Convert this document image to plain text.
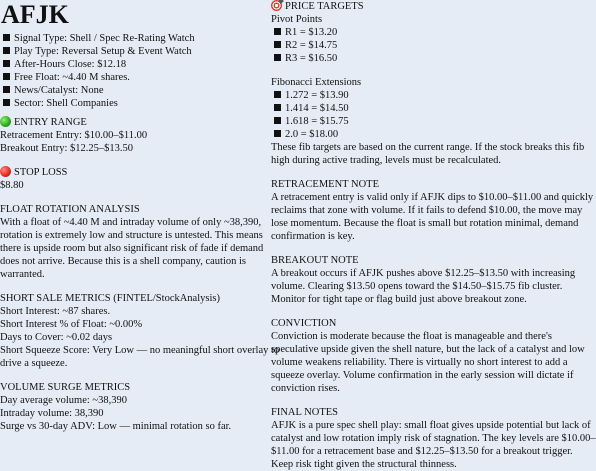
AFJK
Signal Type: Shell / Spec Re-Rating Watch
Play Type: Reversal Setup & Event Watch
After-Hours Close: $12.18
Free Float: ~4.40 M shares.
News/Catalyst: None
Sector: Shell Companies

ENTRY RANGE

Retracement Entry: $10.00–$11.00

Breakout Entry: $12.25–$13.50

STOP LOSS

$8.80

FLOAT ROTATION ANALYSIS

With a float of ~4.40 M and intraday volume of only ~38,390, rotation is extremely low and structure is untested. This means there is upside room but also significant risk of fade if demand does not arrive. Because this is a shell company, caution is warranted.

SHORT SALE METRICS (FINTEL/StockAnalysis)

Short Interest: ~87 shares.

Short Interest % of Float: ~0.00%

Days to Cover: ~0.02 days

Short Squeeze Score: Very Low — no meaningful short overlay to drive a squeeze.

VOLUME SURGE METRICS

Day average volume: ~38,390

Intraday volume: 38,390

Surge vs 30-day ADV: Low — minimal rotation so far.

PRICE TARGETS

Pivot Points

R1 = $13.20
R2 = $14.75
R3 = $16.50

Fibonacci Extensions

1.272 = $13.90
1.414 = $14.50
1.618 = $15.75
2.0 = $18.00

These fib targets are based on the current range. If the stock breaks this fib high during active trading, levels must be recalculated.

RETRACEMENT NOTE

A retracement entry is valid only if AFJK dips to $10.00–$11.00 and quickly reclaims that zone with volume. If it fails to defend $10.00, the move may lose momentum. Because the float is small but rotation minimal, demand confirmation is key.

BREAKOUT NOTE

A breakout occurs if AFJK pushes above $12.25–$13.50 with increasing volume. Clearing $13.50 opens toward the $14.50–$15.75 fib cluster. Monitor for tight tape or flag build just above breakout zone.

CONVICTION

Conviction is moderate because the float is manageable and there's speculative upside given the shell nature, but the lack of a catalyst and low volume weakens reliability. There is virtually no short interest to add a squeeze overlay. Volume confirmation in the early session will dictate if conviction rises.

FINAL NOTES

AFJK is a pure spec shell play: small float gives upside potential but lack of catalyst and low rotation imply risk of stagnation. The key levels are $10.00–$11.00 for a retracement base and $12.25–$13.50 for a breakout trigger. Keep risk tight given the structural thinness.
